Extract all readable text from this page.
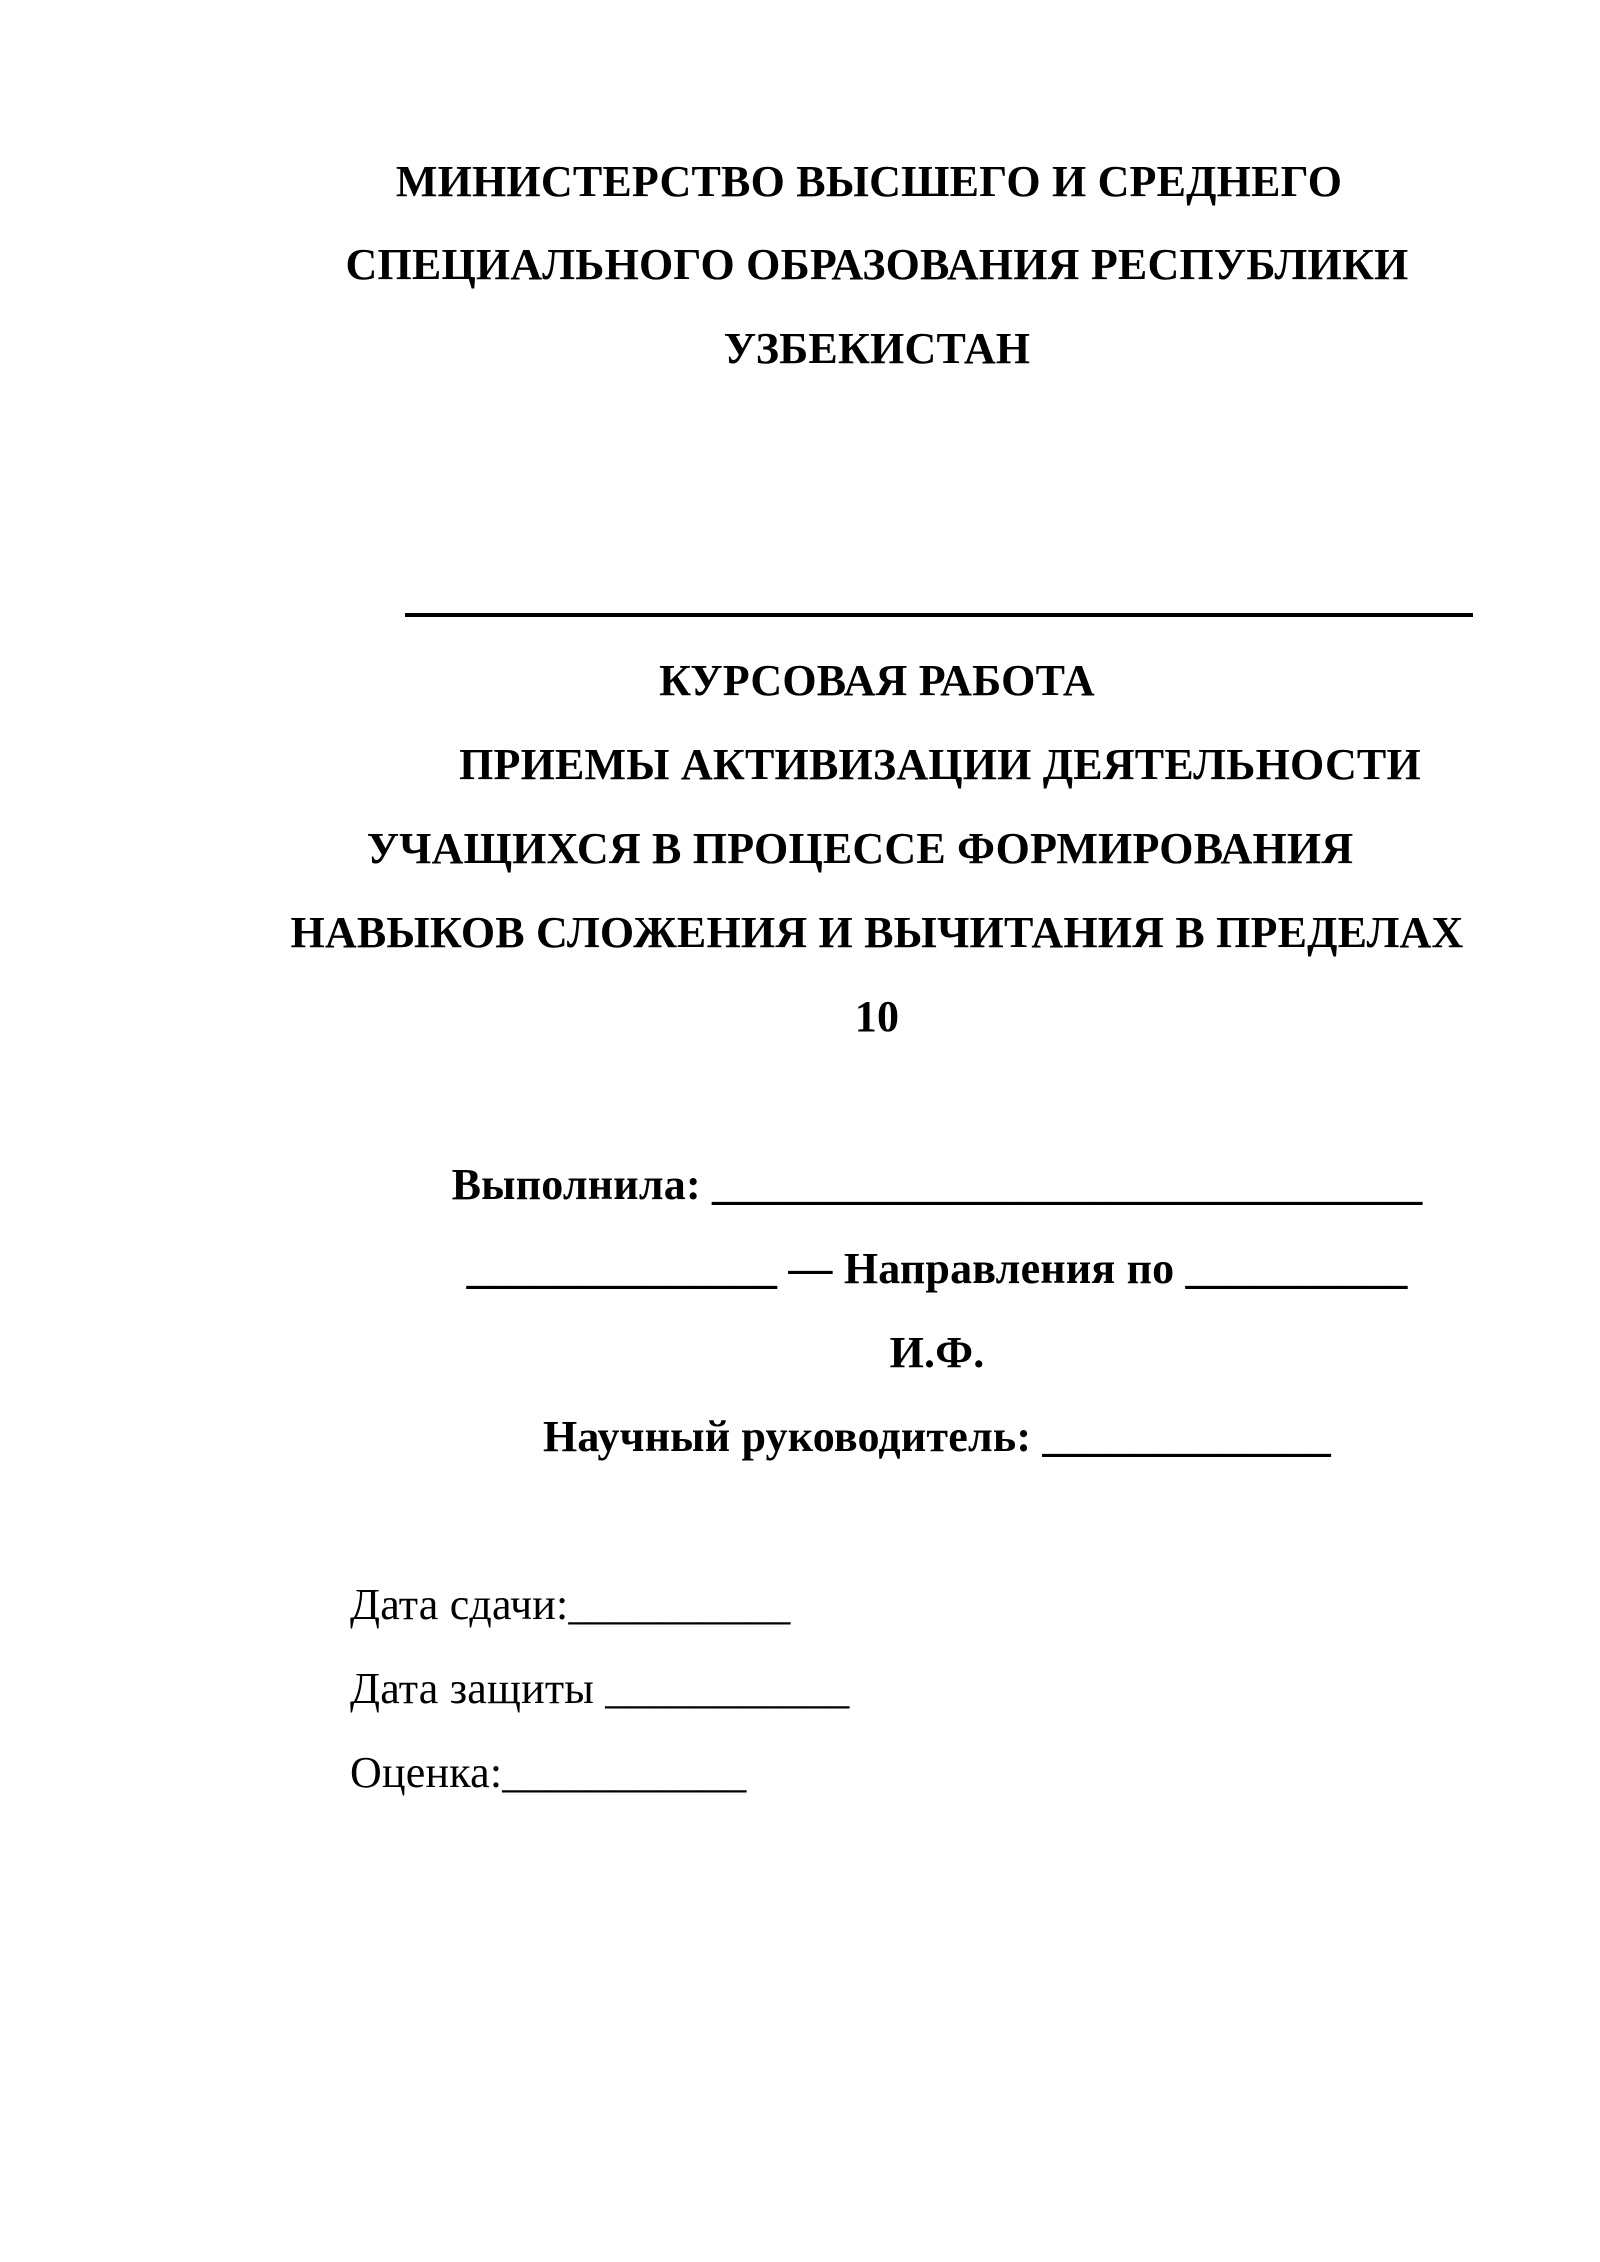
МИНИСТЕРСТВО ВЫСШЕГО И СРЕДНЕГО
СПЕЦИАЛЬНОГО ОБРАЗОВАНИЯ РЕСПУБЛИКИ
УЗБЕКИСТАН
КУРСОВАЯ РАБОТА
ПРИЕМЫ АКТИВИЗАЦИИ ДЕЯТЕЛЬНОСТИ
УЧАЩИХСЯ В ПРОЦЕССЕ ФОРМИРОВАНИЯ
НАВЫКОВ СЛОЖЕНИЯ И ВЫЧИТАНИЯ В ПРЕДЕЛАХ
10
Выполнила: ________________________________
______________ — Направления по __________
И.Ф.
Научный руководитель: _____________
Дата сдачи:__________
Дата защиты ___________
Оценка:___________
